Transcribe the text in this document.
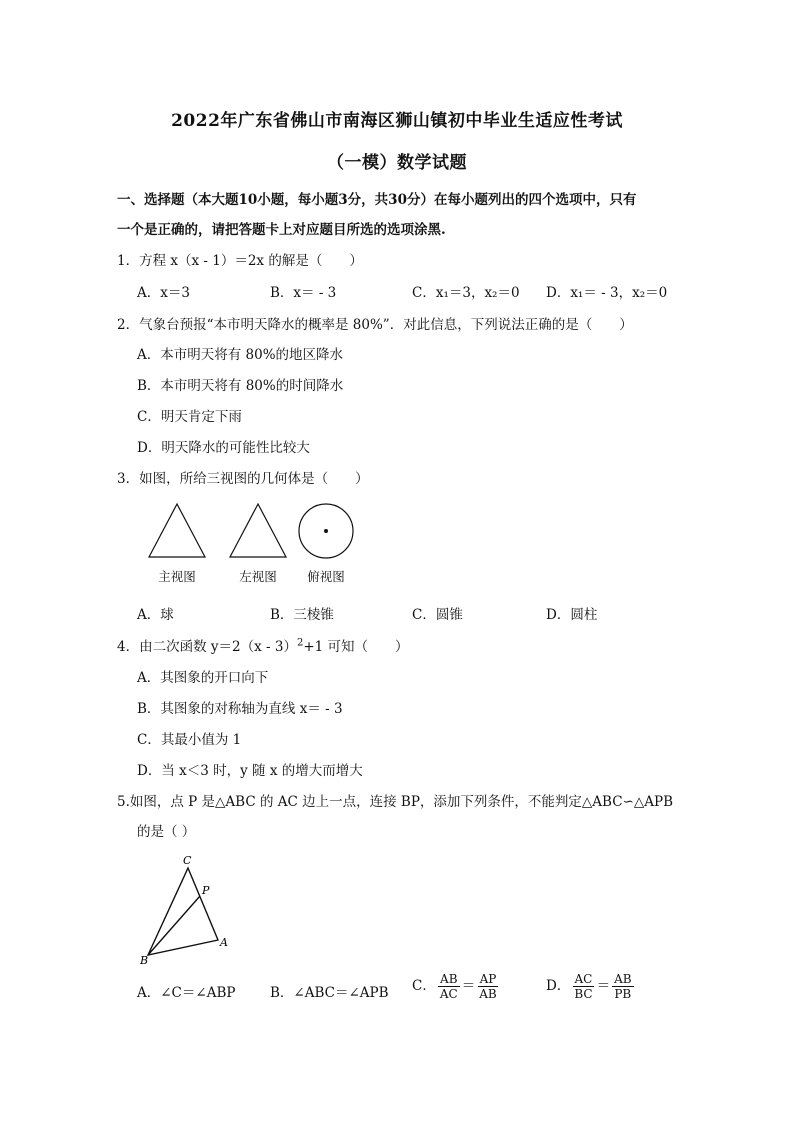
2022年广东省佛山市南海区狮山镇初中毕业生适应性考试
（一模）数学试题
一、选择题（本大题10小题，每小题3分，共30分）在每小题列出的四个选项中，只有
一个是正确的，请把答题卡上对应题目所选的选项涂黑.
1．方程 x（x - 1）＝2x 的解是（　　）
A．x＝3	B．x＝ - 3	C．x₁＝3，x₂＝0 D．x₁＝ - 3，x₂＝0
2．气象台预报“本市明天降水的概率是 80%”．对此信息，下列说法正确的是（　　）
A．本市明天将有 80%的地区降水
B．本市明天将有 80%的时间降水
C．明天肯定下雨
D．明天降水的可能性比较大
3．如图，所给三视图的几何体是（　　）
主视图	左视图	俯视图
A．球	B．三棱锥	C．圆锥	D．圆柱
4．由二次函数 y＝2（x - 3）$^2$+1 可知（　　）
A．其图象的开口向下
B．其图象的对称轴为直线 x＝ - 3
C．其最小值为 1
D．当 x＜3 时，y 随 x 的增大而增大
5.如图，点 P 是△ABC 的 AC 边上一点，连接 BP，添加下列条件，不能判定△ABC∽△APB
的是（ ）
C
P
A
B
A．∠C＝∠ABP	B．∠ABC＝∠APB C． $\frac{AB}{AC} = \frac{AP}{AB}$	D． $\frac{AC}{BC} = \frac{AB}{PB}$
